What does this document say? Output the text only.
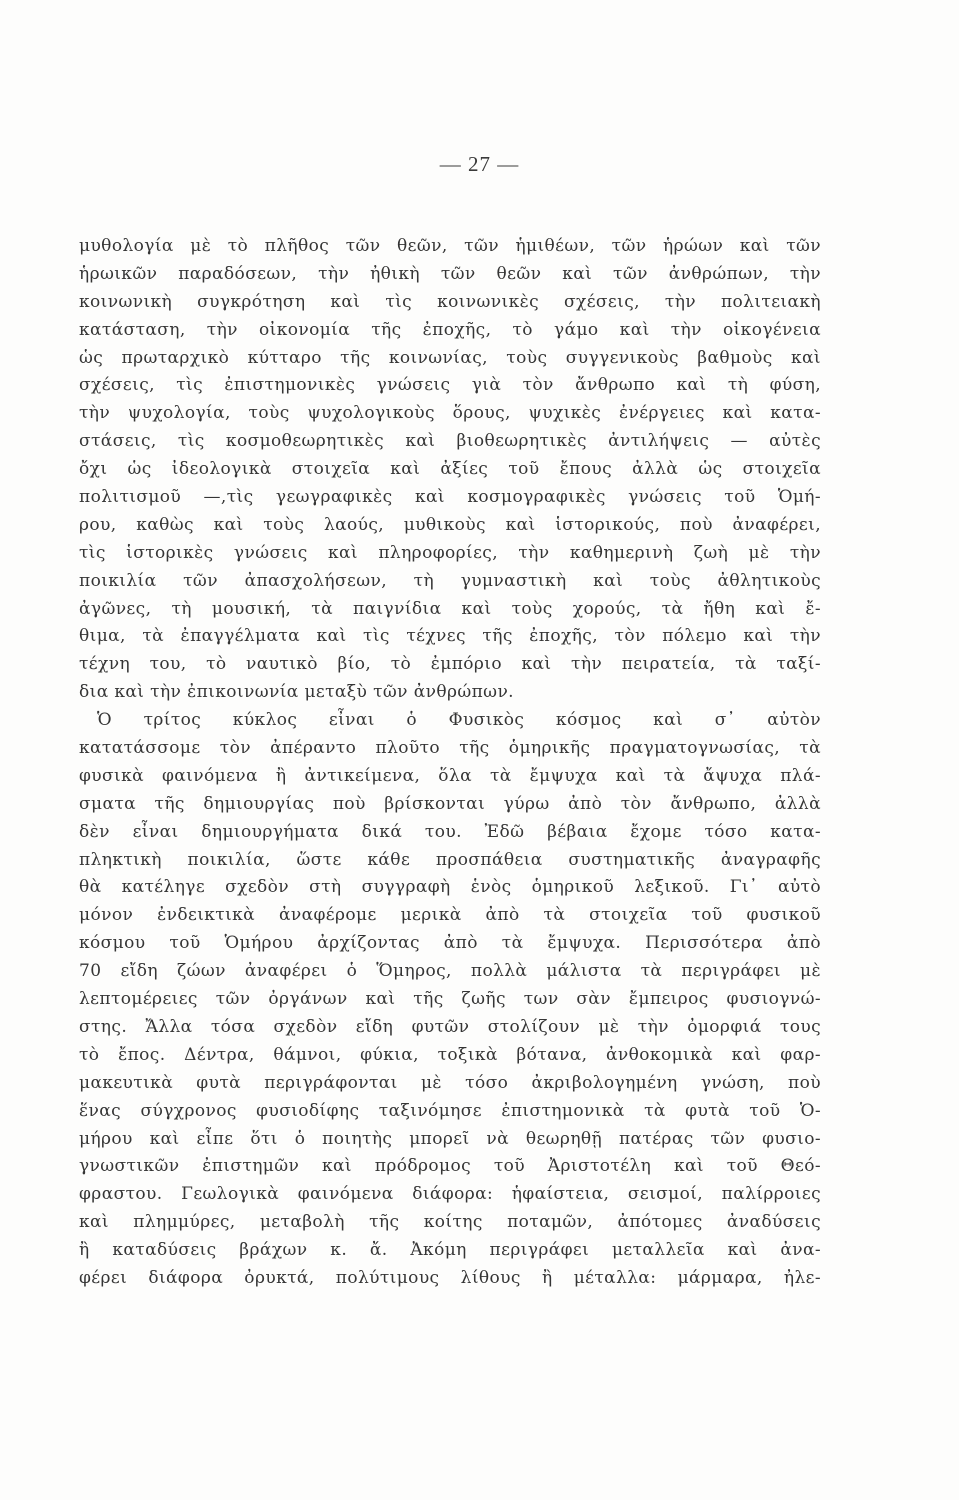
— 27 —
μυθολογία μὲ τὸ πλῆθος τῶν θεῶν, τῶν ἡμιθέων, τῶν ἡρώων καὶ τῶν
ἡρωικῶν παραδόσεων, τὴν ἠθικὴ τῶν θεῶν καὶ τῶν ἀνθρώπων, τὴν
κοινωνικὴ συγκρότηση καὶ τὶς κοινωνικὲς σχέσεις, τὴν πολιτειακὴ
κατάσταση, τὴν οἰκονομία τῆς ἐποχῆς, τὸ γάμο καὶ τὴν οἰκογένεια
ὡς πρωταρχικὸ κύτταρο τῆς κοινωνίας, τοὺς συγγενικοὺς βαθμοὺς καὶ
σχέσεις, τὶς ἐπιστημονικὲς γνώσεις γιὰ τὸν ἄνθρωπο καὶ τὴ φύση,
τὴν ψυχολογία, τοὺς ψυχολογικοὺς ὅρους, ψυχικὲς ἐνέργειες καὶ κατα-
στάσεις, τὶς κοσμοθεωρητικὲς καὶ βιοθεωρητικὲς ἀντιλήψεις — αὐτὲς
ὄχι ὡς ἰδεολογικὰ στοιχεῖα καὶ ἀξίες τοῦ ἔπους ἀλλὰ ὡς στοιχεῖα
πολιτισμοῦ —,τὶς γεωγραφικὲς καὶ κοσμογραφικὲς γνώσεις τοῦ Ὁμή-
ρου, καθὼς καὶ τοὺς λαούς, μυθικοὺς καὶ ἱστορικούς, ποὺ ἀναφέρει,
τὶς ἱστορικὲς γνώσεις καὶ πληροφορίες, τὴν καθημερινὴ ζωὴ μὲ τὴν
ποικιλία τῶν ἀπασχολήσεων, τὴ γυμναστικὴ καὶ τοὺς ἀθλητικοὺς
ἀγῶνες, τὴ μουσική, τὰ παιγνίδια καὶ τοὺς χορούς, τὰ ἤθη καὶ ἔ-
θιμα, τὰ ἐπαγγέλματα καὶ τὶς τέχνες τῆς ἐποχῆς, τὸν πόλεμο καὶ τὴν
τέχνη του, τὸ ναυτικὸ βίο, τὸ ἐμπόριο καὶ τὴν πειρατεία, τὰ ταξί-
δια καὶ τὴν ἐπικοινωνία μεταξὺ τῶν ἀνθρώπων.
Ὁ τρίτος κύκλος εἶναι ὁ Φυσικὸς κόσμος καὶ σ᾽ αὐτὸν
κατατάσσομε τὸν ἀπέραντο πλοῦτο τῆς ὁμηρικῆς πραγματογνωσίας, τὰ
φυσικὰ φαινόμενα ἢ ἀντικείμενα, ὅλα τὰ ἔμψυχα καὶ τὰ ἄψυχα πλά-
σματα τῆς δημιουργίας ποὺ βρίσκονται γύρω ἀπὸ τὸν ἄνθρωπο, ἀλλὰ
δὲν εἶναι δημιουργήματα δικά του. Ἐδῶ βέβαια ἔχομε τόσο κατα-
πληκτικὴ ποικιλία, ὥστε κάθε προσπάθεια συστηματικῆς ἀναγραφῆς
θὰ κατέληγε σχεδὸν στὴ συγγραφὴ ἑνὸς ὁμηρικοῦ λεξικοῦ. Γι᾽ αὐτὸ
μόνον ἐνδεικτικὰ ἀναφέρομε μερικὰ ἀπὸ τὰ στοιχεῖα τοῦ φυσικοῦ
κόσμου τοῦ Ὁμήρου ἀρχίζοντας ἀπὸ τὰ ἔμψυχα. Περισσότερα ἀπὸ
70 εἴδη ζώων ἀναφέρει ὁ Ὅμηρος, πολλὰ μάλιστα τὰ περιγράφει μὲ
λεπτομέρειες τῶν ὀργάνων καὶ τῆς ζωῆς των σὰν ἔμπειρος φυσιογνώ-
στης. Ἄλλα τόσα σχεδὸν εἴδη φυτῶν στολίζουν μὲ τὴν ὀμορφιά τους
τὸ ἔπος. Δέντρα, θάμνοι, φύκια, τοξικὰ βότανα, ἀνθοκομικὰ καὶ φαρ-
μακευτικὰ φυτὰ περιγράφονται μὲ τόσο ἀκριβολογημένη γνώση, ποὺ
ἕνας σύγχρονος φυσιοδίφης ταξινόμησε ἐπιστημονικὰ τὰ φυτὰ τοῦ Ὁ-
μήρου καὶ εἶπε ὅτι ὁ ποιητὴς μπορεῖ νὰ θεωρηθῇ πατέρας τῶν φυσιο-
γνωστικῶν ἐπιστημῶν καὶ πρόδρομος τοῦ Ἀριστοτέλη καὶ τοῦ Θεό-
φραστου. Γεωλογικὰ φαινόμενα διάφορα: ἡφαίστεια, σεισμοί, παλίρροιες
καὶ πλημμύρες, μεταβολὴ τῆς κοίτης ποταμῶν, ἀπότομες ἀναδύσεις
ἢ καταδύσεις βράχων κ. ἄ. Ἀκόμη περιγράφει μεταλλεῖα καὶ ἀνα-
φέρει διάφορα ὀρυκτά, πολύτιμους λίθους ἢ μέταλλα: μάρμαρα, ἠλε-
